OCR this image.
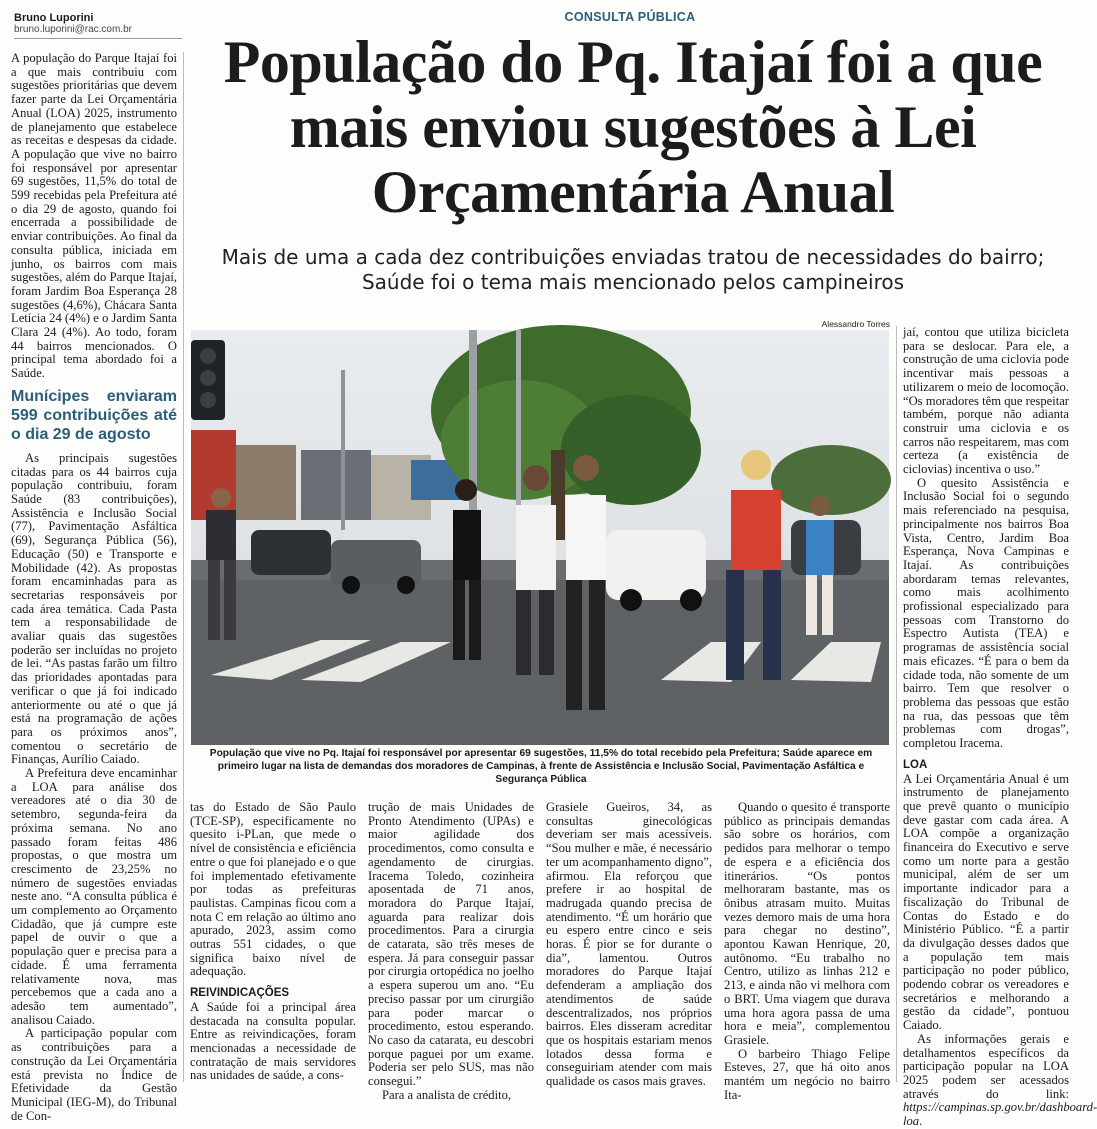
Bruno Luporini
bruno.luporini@rac.com.br
CONSULTA PÚBLICA
População do Pq. Itajaí foi a que mais enviou sugestões à Lei Orçamentária Anual
Mais de uma a cada dez contribuições enviadas tratou de necessidades do bairro; Saúde foi o tema mais mencionado pelos campineiros

A população do Parque Itajaí foi a que mais contribuiu com sugestões prioritárias que devem fazer parte da Lei Orçamentária Anual (LOA) 2025, instrumento de planejamento que estabelece as receitas e despesas da cidade. A população que vive no bairro foi responsável por apresentar 69 sugestões, 11,5% do total de 599 recebidas pela Prefeitura até o dia 29 de agosto, quando foi encerrada a possibilidade de enviar contribuições. Ao final da consulta pública, iniciada em junho, os bairros com mais sugestões, além do Parque Itajaí, foram Jardim Boa Esperança 28 sugestões (4,6%), Chácara Santa Letícia 24 (4%) e o Jardim Santa Clara 24 (4%). Ao todo, foram 44 bairros mencionados. O principal tema abordado foi a Saúde.

Munícipes enviaram 599 contribuições até o dia 29 de agosto

As principais sugestões citadas para os 44 bairros cuja população contribuiu, foram Saúde (83 contribuições), Assistência e Inclusão Social (77), Pavimentação Asfáltica (69), Segurança Pública (56), Educação (50) e Transporte e Mobilidade (42). As propostas foram encaminhadas para as secretarias responsáveis por cada área temática. Cada Pasta tem a responsabilidade de avaliar quais das sugestões poderão ser incluídas no projeto de lei. “As pastas farão um filtro das prioridades apontadas para verificar o que já foi indicado anteriormente ou até o que já está na programação de ações para os próximos anos”, comentou o secretário de Finanças, Aurílio Caiado.

A Prefeitura deve encaminhar a LOA para análise dos vereadores até o dia 30 de setembro, segunda-feira da próxima semana. No ano passado foram feitas 486 propostas, o que mostra um crescimento de 23,25% no número de sugestões enviadas neste ano. “A consulta pública é um complemento ao Orçamento Cidadão, que já cumpre este papel de ouvir o que a população quer e precisa para a cidade. É uma ferramenta relativamente nova, mas percebemos que a cada ano a adesão tem aumentado”, analisou Caiado.

A participação popular com as contribuições para a construção da Lei Orçamentária está prevista no Índice de Efetividade da Gestão Municipal (IEG-M), do Tribunal de Con-

Alessandro Torres
População que vive no Pq. Itajaí foi responsável por apresentar 69 sugestões, 11,5% do total recebido pela Prefeitura; Saúde aparece em primeiro lugar na lista de demandas dos moradores de Campinas, à frente de Assistência e Inclusão Social, Pavimentação Asfáltica e Segurança Pública

jaí, contou que utiliza bicicleta para se deslocar. Para ele, a construção de uma ciclovia pode incentivar mais pessoas a utilizarem o meio de locomoção. “Os moradores têm que respeitar também, porque não adianta construir uma ciclovia e os carros não respeitarem, mas com certeza (a existência de ciclovias) incentiva o uso.”

O quesito Assistência e Inclusão Social foi o segundo mais referenciado na pesquisa, principalmente nos bairros Boa Vista, Centro, Jardim Boa Esperança, Nova Campinas e Itajaí. As contribuições abordaram temas relevantes, como mais acolhimento profissional especializado para pessoas com Transtorno do Espectro Autista (TEA) e programas de assistência social mais eficazes. “É para o bem da cidade toda, não somente de um bairro. Tem que resolver o problema das pessoas que estão na rua, das pessoas que têm problemas com drogas”, completou Iracema.

LOA

A Lei Orçamentária Anual é um instrumento de planejamento que prevê quanto o município deve gastar com cada área. A LOA compõe a organização financeira do Executivo e serve como um norte para a gestão municipal, além de ser um importante indicador para a fiscalização do Tribunal de Contas do Estado e do Ministério Público. “É a partir da divulgação desses dados que a população tem mais participação no poder público, podendo cobrar os vereadores e secretários e melhorando a gestão da cidade”, pontuou Caiado.

As informações gerais e detalhamentos específicos da participação popular na LOA 2025 podem ser acessados através do link: https://campinas.sp.gov.br/dashboard-loa.

tas do Estado de São Paulo (TCE-SP), especificamente no quesito i-PLan, que mede o nível de consistência e eficiência entre o que foi planejado e o que foi implementado efetivamente por todas as prefeituras paulistas. Campinas ficou com a nota C em relação ao último ano apurado, 2023, assim como outras 551 cidades, o que significa baixo nível de adequação.

REIVINDICAÇÕES

A Saúde foi a principal área destacada na consulta popular. Entre as reivindicações, foram mencionadas a necessidade de contratação de mais servidores nas unidades de saúde, a cons-

trução de mais Unidades de Pronto Atendimento (UPAs) e maior agilidade dos procedimentos, como consulta e agendamento de cirurgias. Iracema Toledo, cozinheira aposentada de 71 anos, moradora do Parque Itajaí, aguarda para realizar dois procedimentos. Para a cirurgia de catarata, são três meses de espera. Já para conseguir passar por cirurgia ortopédica no joelho a espera superou um ano. “Eu preciso passar por um cirurgião para poder marcar o procedimento, estou esperando. No caso da catarata, eu descobri porque paguei por um exame. Poderia ser pelo SUS, mas não consegui.”

Para a analista de crédito,

Grasiele Gueiros, 34, as consultas ginecológicas deveriam ser mais acessíveis. “Sou mulher e mãe, é necessário ter um acompanhamento digno”, afirmou. Ela reforçou que prefere ir ao hospital de madrugada quando precisa de atendimento. “É um horário que eu espero entre cinco e seis horas. É pior se for durante o dia”, lamentou. Outros moradores do Parque Itajaí defenderam a ampliação dos atendimentos de saúde descentralizados, nos próprios bairros. Eles disseram acreditar que os hospitais estariam menos lotados dessa forma e conseguiriam atender com mais qualidade os casos mais graves.

Quando o quesito é transporte público as principais demandas são sobre os horários, com pedidos para melhorar o tempo de espera e a eficiência dos itinerários. “Os pontos melhoraram bastante, mas os ônibus atrasam muito. Muitas vezes demoro mais de uma hora para chegar no destino”, apontou Kawan Henrique, 20, autônomo. “Eu trabalho no Centro, utilizo as linhas 212 e 213, e ainda não vi melhora com o BRT. Uma viagem que durava uma hora agora passa de uma hora e meia”, complementou Grasiele.

O barbeiro Thiago Felipe Esteves, 27, que há oito anos mantém um negócio no bairro Ita-
